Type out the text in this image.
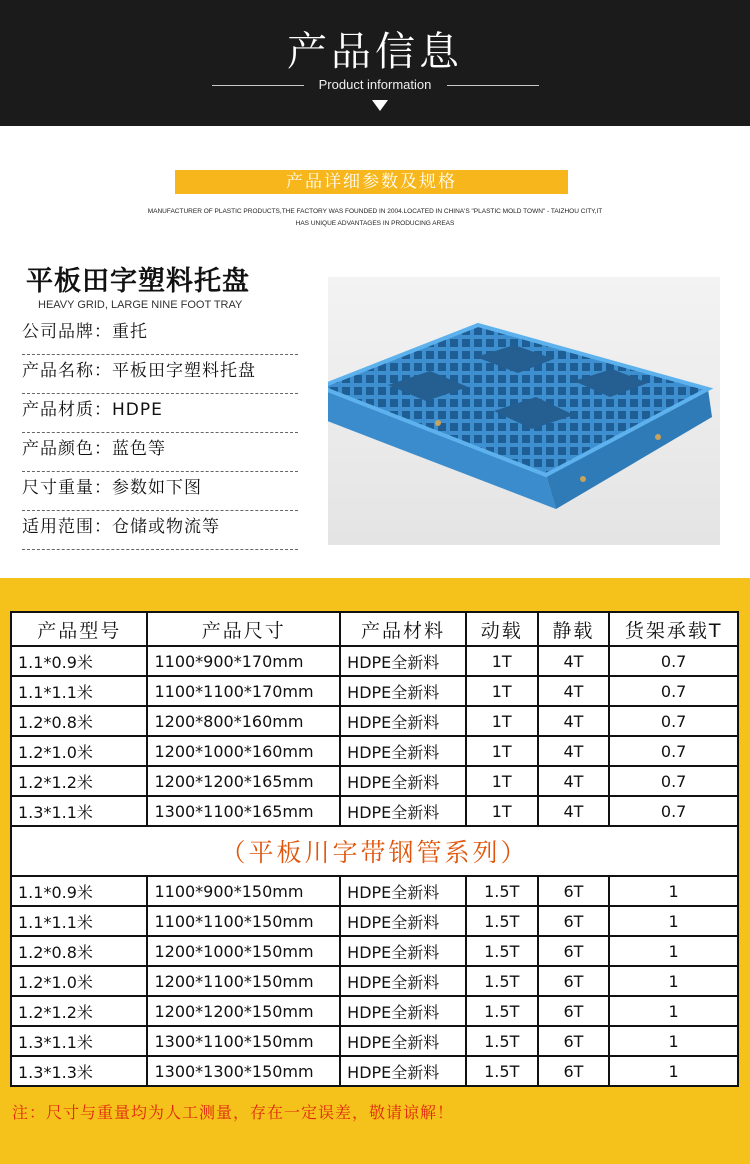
产品信息
Product information
产品详细参数及规格
MANUFACTURER OF PLASTIC PRODUCTS,THE FACTORY WAS FOUNDED IN 2004.LOCATED IN CHINA'S "PLASTIC MOLD TOWN" - TAIZHOU CITY,IT
HAS UNIQUE ADVANTAGES IN PRODUCING AREAS
平板田字塑料托盘
HEAVY GRID, LARGE NINE FOOT TRAY
公司品牌：重托
产品名称：平板田字塑料托盘
产品材质：HDPE
产品颜色：蓝色等
尺寸重量：参数如下图
适用范围：仓储或物流等
产品型号	产品尺寸	产品材料	动载	静载	货架承载T
1.1*0.9米	1100*900*170mm	HDPE全新料	1T	4T	0.7
1.1*1.1米	1100*1100*170mm	HDPE全新料	1T	4T	0.7
1.2*0.8米	1200*800*160mm	HDPE全新料	1T	4T	0.7
1.2*1.0米	1200*1000*160mm	HDPE全新料	1T	4T	0.7
1.2*1.2米	1200*1200*165mm	HDPE全新料	1T	4T	0.7
1.3*1.1米	1300*1100*165mm	HDPE全新料	1T	4T	0.7
（平板川字带钢管系列）					
1.1*0.9米	1100*900*150mm	HDPE全新料	1.5T	6T	1
1.1*1.1米	1100*1100*150mm	HDPE全新料	1.5T	6T	1
1.2*0.8米	1200*1000*150mm	HDPE全新料	1.5T	6T	1
1.2*1.0米	1200*1100*150mm	HDPE全新料	1.5T	6T	1
1.2*1.2米	1200*1200*150mm	HDPE全新料	1.5T	6T	1
1.3*1.1米	1300*1100*150mm	HDPE全新料	1.5T	6T	1
1.3*1.3米	1300*1300*150mm	HDPE全新料	1.5T	6T	1
注：尺寸与重量均为人工测量，存在一定误差，敬请谅解！
